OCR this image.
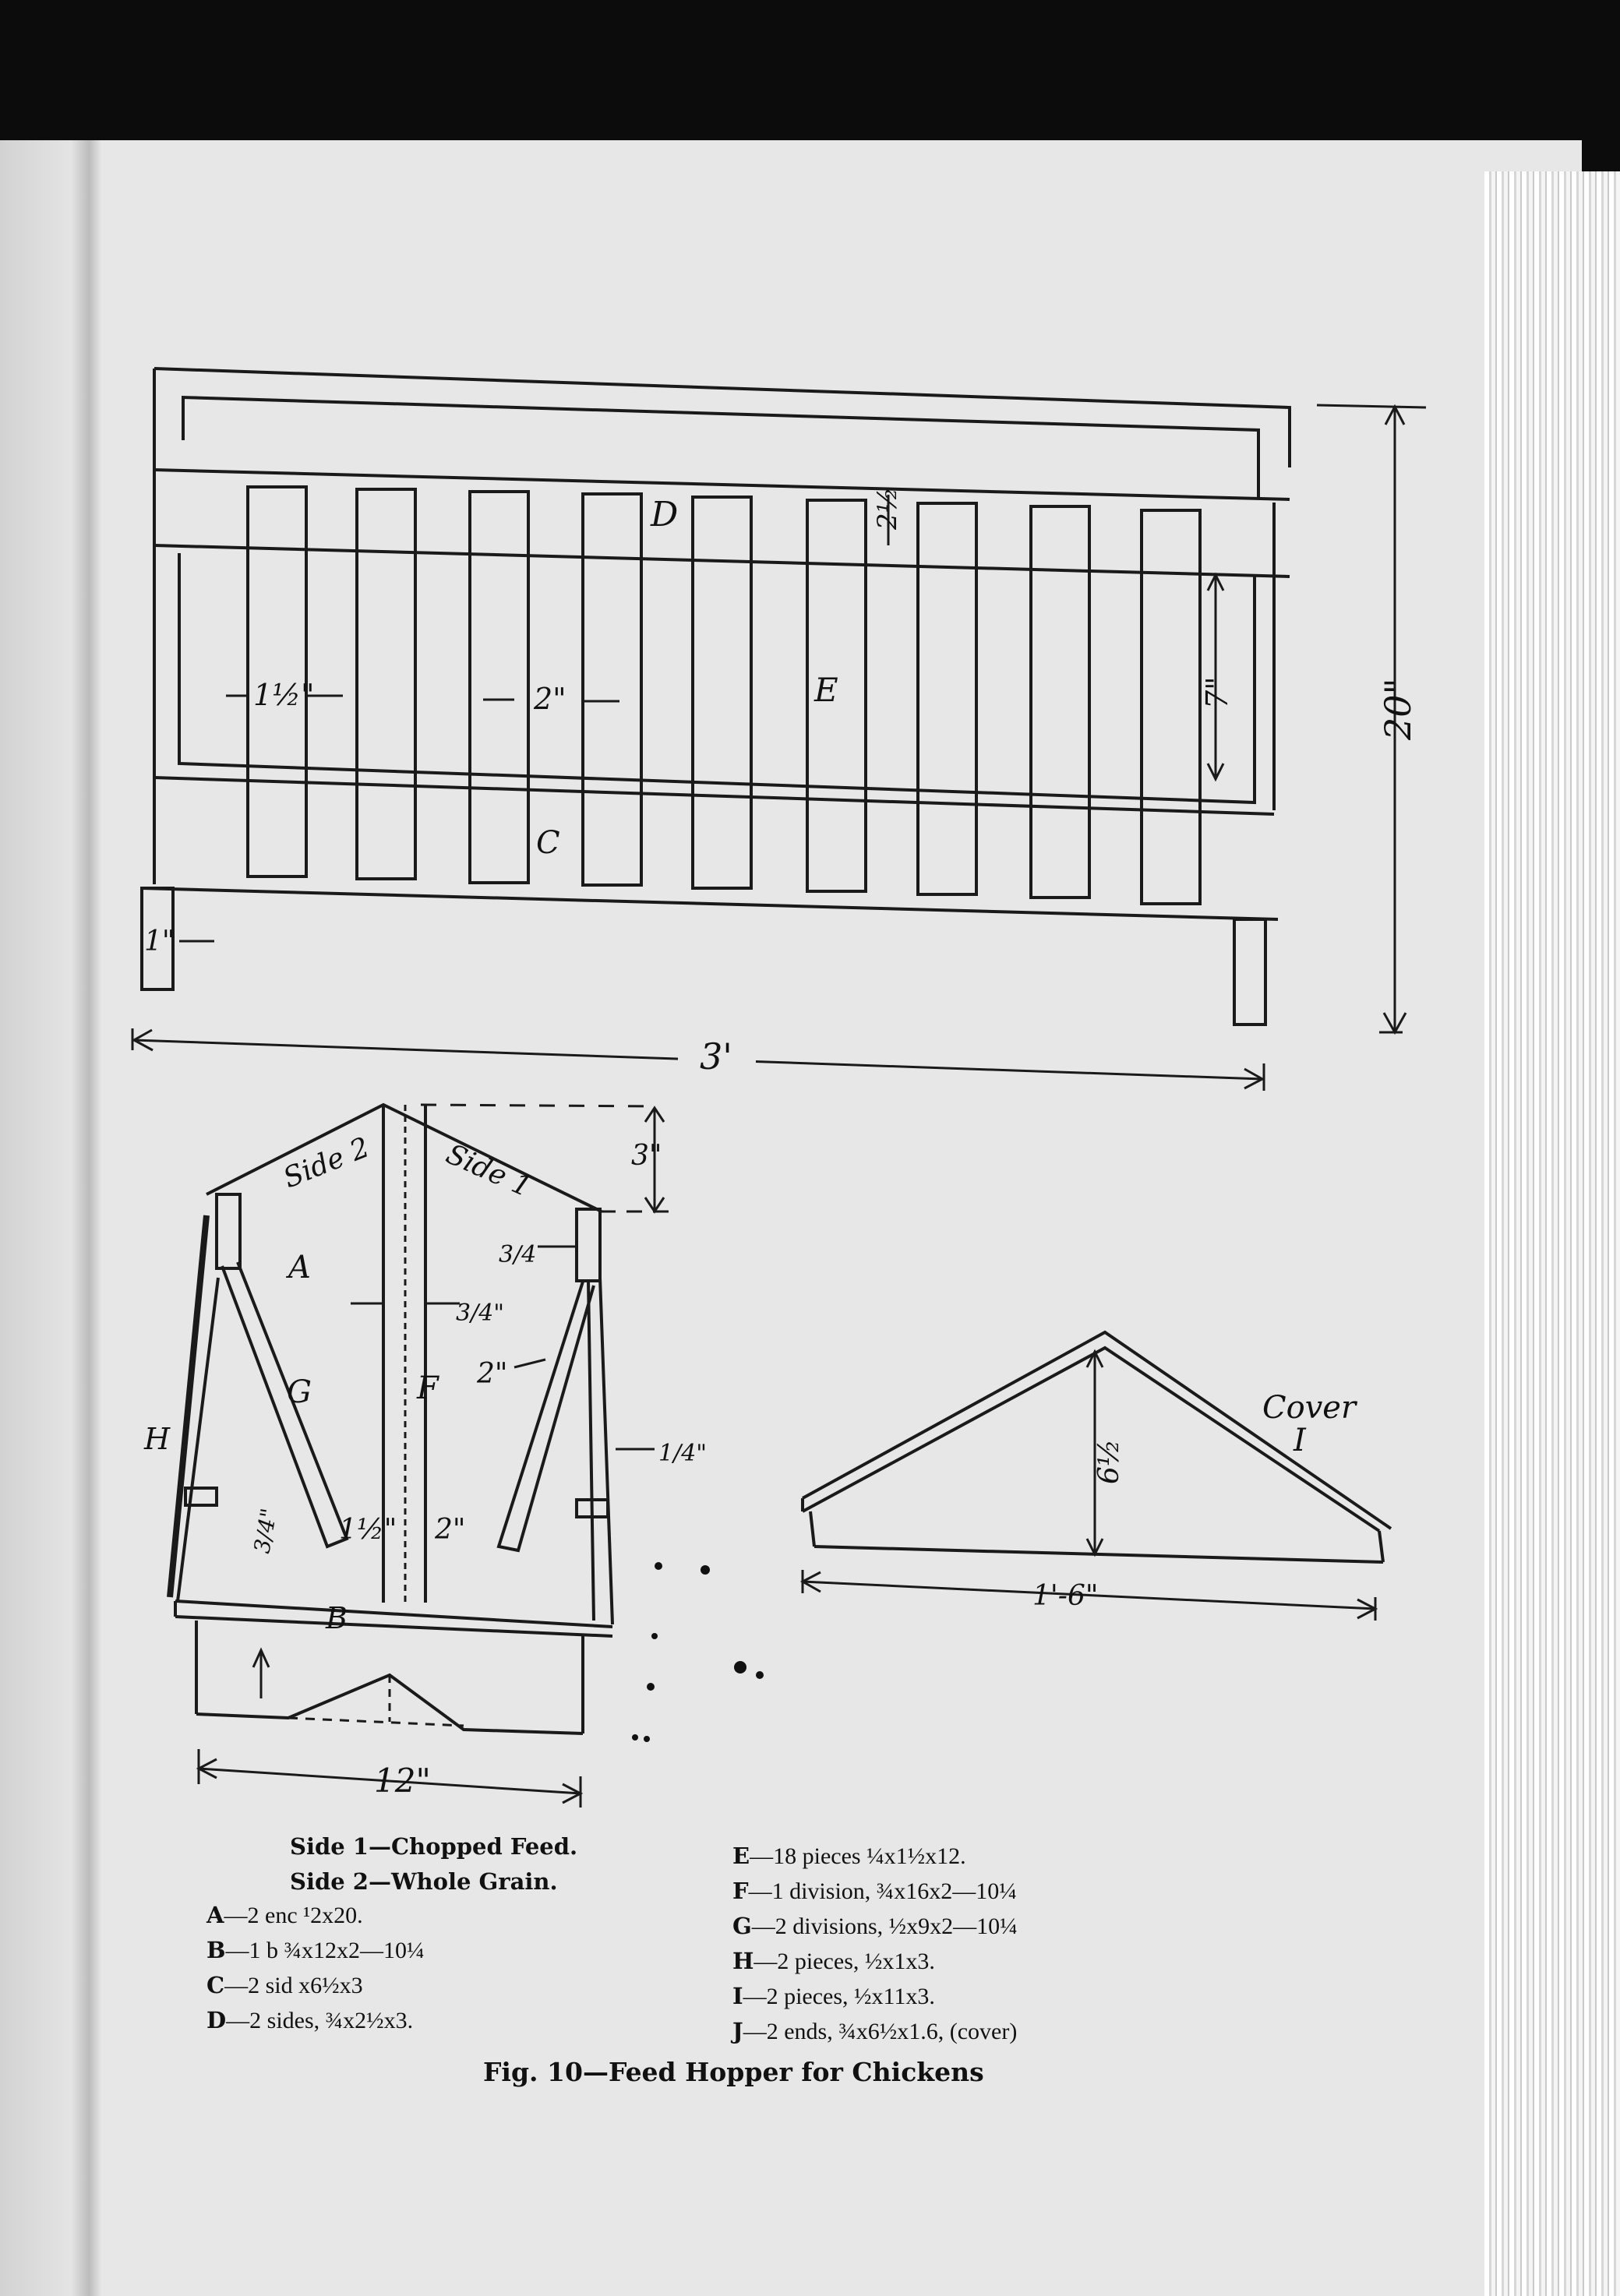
D
E
C
1½"	2"
2½
7"	20"
1"
3'
Side 2 Side 1
A
G	F
H
B
3"
3/4
3/4"
2"
1/4"
1½" 2"
3/4"
12"
Cover
I
6½
1'-6"
Side 1—Chopped Feed.
Side 2—Whole Grain.
A—2 enc ¹2x20.
B—1 b ¾x12x2—10¼
C—2 sid x6½x3
D—2 sides, ¾x2½x3.
E—18 pieces ¼x1½x12.
F—1 division, ¾x16x2—10¼
G—2 divisions, ½x9x2—10¼
H—2 pieces, ½x1x3.
I—2 pieces, ½x11x3.
J—2 ends, ¾x6½x1.6, (cover)
Fig. 10—Feed Hopper for Chickens
